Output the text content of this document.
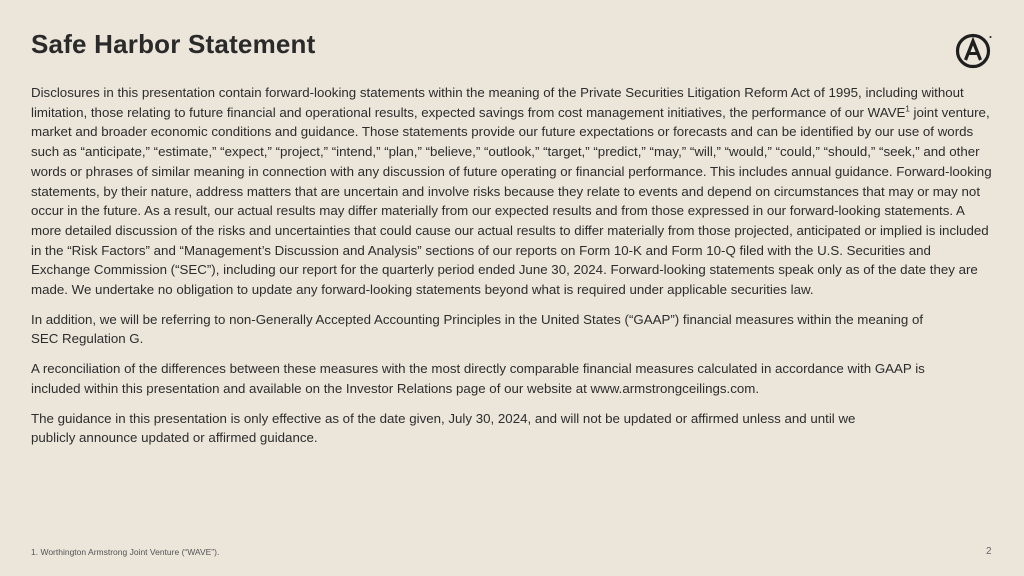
Safe Harbor Statement

Disclosures in this presentation contain forward-looking statements within the meaning of the Private Securities Litigation Reform Act of 1995, including without limitation, those relating to future financial and operational results, expected savings from cost management initiatives, the performance of our WAVE$^1$ joint venture, market and broader economic conditions and guidance. Those statements provide our future expectations or forecasts and can be identified by our use of words such as “anticipate,” “estimate,” “expect,” “project,” “intend,” “plan,” “believe,” “outlook,” “target,” “predict,” “may,” “will,” “would,” “could,” “should,” “seek,” and other words or phrases of similar meaning in connection with any discussion of future operating or financial performance. This includes annual guidance. Forward-looking statements, by their nature, address matters that are uncertain and involve risks because they relate to events and depend on circumstances that may or may not occur in the future. As a result, our actual results may differ materially from our expected results and from those expressed in our forward-looking statements. A more detailed discussion of the risks and uncertainties that could cause our actual results to differ materially from those projected, anticipated or implied is included in the “Risk Factors” and “Management’s Discussion and Analysis” sections of our reports on Form 10-K and Form 10-Q filed with the U.S. Securities and Exchange Commission (“SEC”), including our report for the quarterly period ended June 30, 2024. Forward-looking statements speak only as of the date they are made. We undertake no obligation to update any forward-looking statements beyond what is required under applicable securities law.

In addition, we will be referring to non-Generally Accepted Accounting Principles in the United States (“GAAP”) financial measures within the meaning of SEC Regulation G.

A reconciliation of the differences between these measures with the most directly comparable financial measures calculated in accordance with GAAP is included within this presentation and available on the Investor Relations page of our website at www.armstrongceilings.com.

The guidance in this presentation is only effective as of the date given, July 30, 2024, and will not be updated or affirmed unless and until we publicly announce updated or affirmed guidance.

1. Worthington Armstrong Joint Venture (“WAVE”).	2
